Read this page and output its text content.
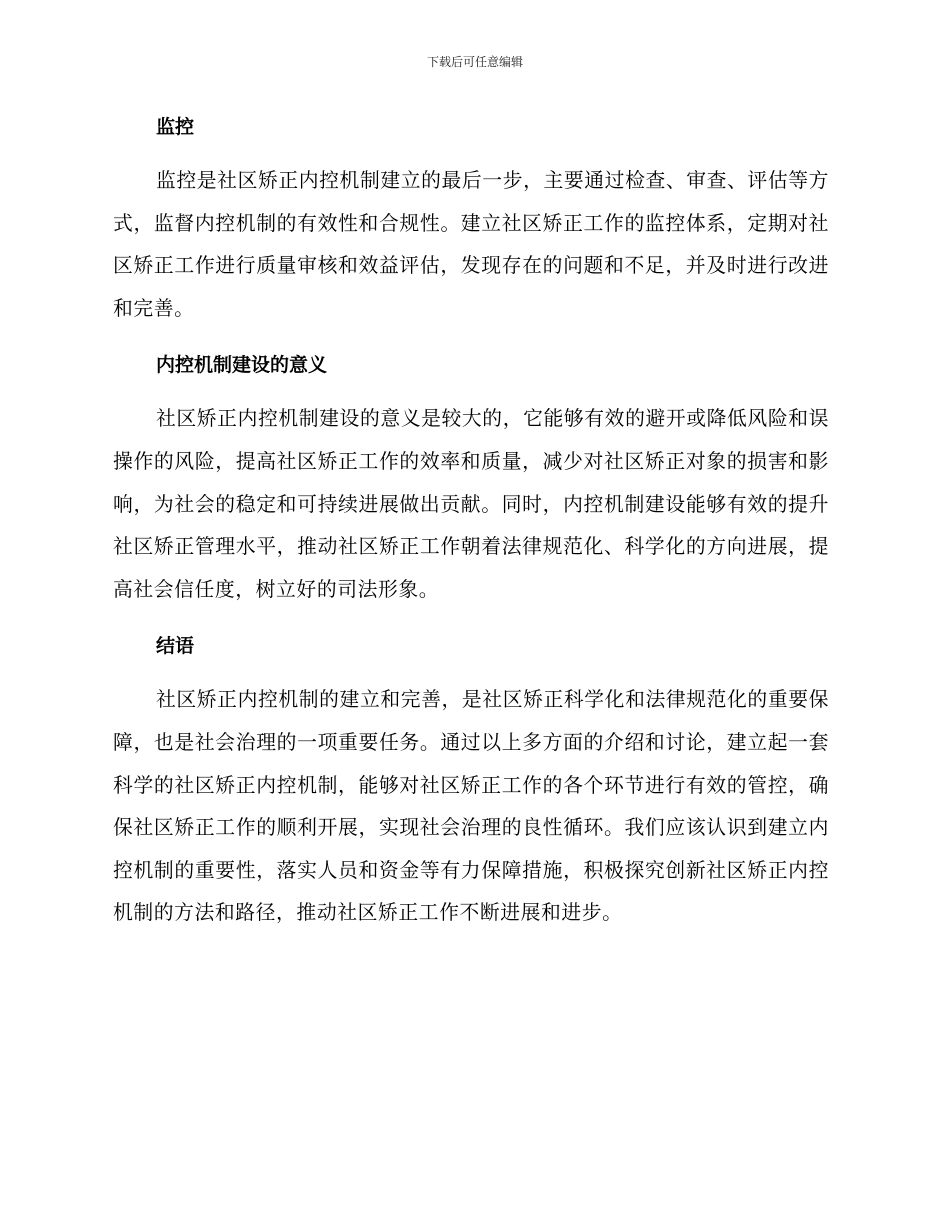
下载后可任意编辑
监控

监控是社区矫正内控机制建立的最后一步，主要通过检查、审查、评估等方式，监督内控机制的有效性和合规性。建立社区矫正工作的监控体系，定期对社区矫正工作进行质量审核和效益评估，发现存在的问题和不足，并及时进行改进和完善。

内控机制建设的意义

社区矫正内控机制建设的意义是较大的，它能够有效的避开或降低风险和误操作的风险，提高社区矫正工作的效率和质量，减少对社区矫正对象的损害和影响，为社会的稳定和可持续进展做出贡献。同时，内控机制建设能够有效的提升社区矫正管理水平，推动社区矫正工作朝着法律规范化、科学化的方向进展，提高社会信任度，树立好的司法形象。

结语

社区矫正内控机制的建立和完善，是社区矫正科学化和法律规范化的重要保障，也是社会治理的一项重要任务。通过以上多方面的介绍和讨论，建立起一套科学的社区矫正内控机制，能够对社区矫正工作的各个环节进行有效的管控，确保社区矫正工作的顺利开展，实现社会治理的良性循环。我们应该认识到建立内控机制的重要性，落实人员和资金等有力保障措施，积极探究创新社区矫正内控机制的方法和路径，推动社区矫正工作不断进展和进步。
